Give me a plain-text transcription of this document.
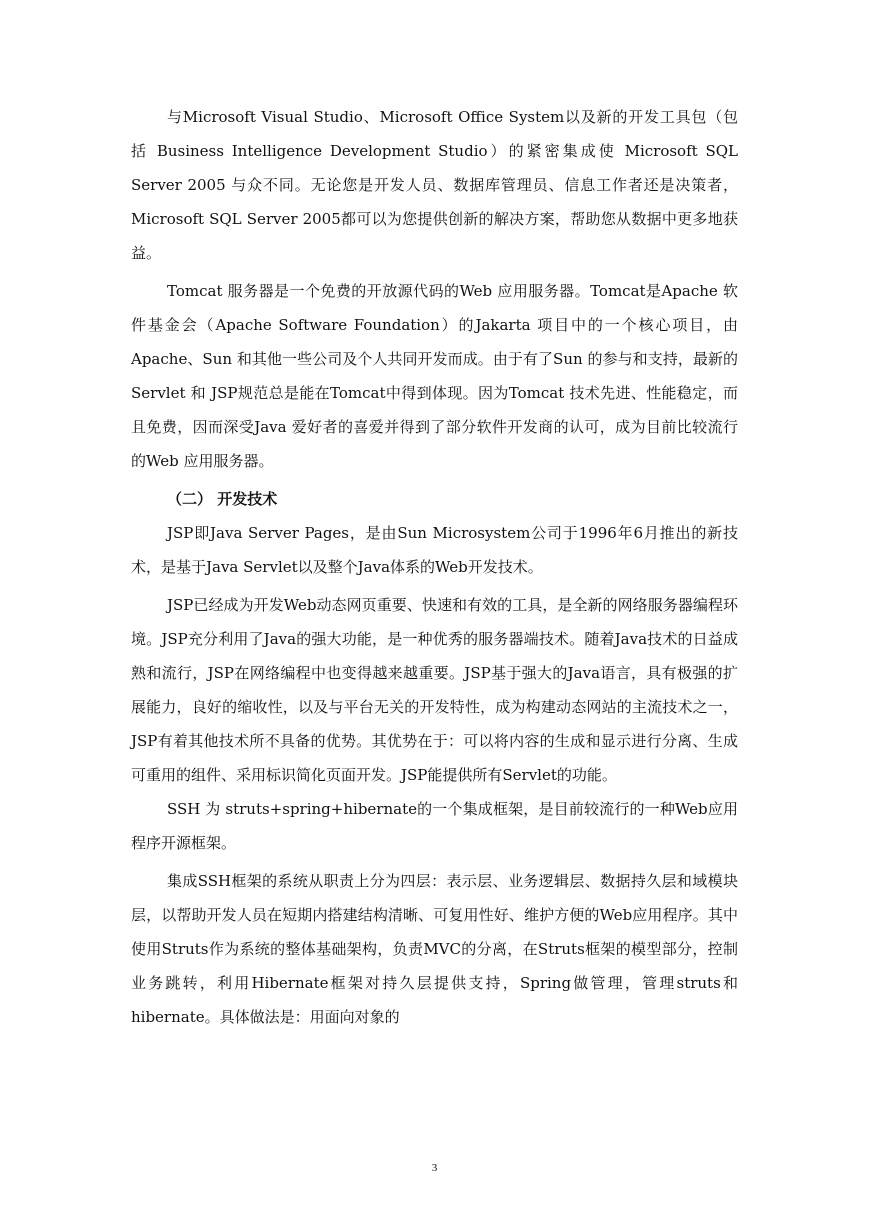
与Microsoft Visual Studio、Microsoft Office System以及新的开发工具包（包括 Business Intelligence Development Studio）的紧密集成使 Microsoft SQL Server 2005 与众不同。无论您是开发人员、数据库管理员、信息工作者还是决策者，Microsoft SQL Server 2005都可以为您提供创新的解决方案，帮助您从数据中更多地获益。

Tomcat 服务器是一个免费的开放源代码的Web 应用服务器。Tomcat是Apache 软件基金会（Apache Software Foundation）的Jakarta 项目中的一个核心项目，由Apache、Sun 和其他一些公司及个人共同开发而成。由于有了Sun 的参与和支持，最新的Servlet 和 JSP规范总是能在Tomcat中得到体现。因为Tomcat 技术先进、性能稳定，而且免费，因而深受Java 爱好者的喜爱并得到了部分软件开发商的认可，成为目前比较流行的Web 应用服务器。

（二） 开发技术

JSP即Java Server Pages，是由Sun Microsystem公司于1996年6月推出的新技术，是基于Java Servlet以及整个Java体系的Web开发技术。

JSP已经成为开发Web动态网页重要、快速和有效的工具，是全新的网络服务器编程环境。JSP充分利用了Java的强大功能，是一种优秀的服务器端技术。随着Java技术的日益成熟和流行，JSP在网络编程中也变得越来越重要。JSP基于强大的Java语言，具有极强的扩展能力，良好的缩收性，以及与平台无关的开发特性，成为构建动态网站的主流技术之一，JSP有着其他技术所不具备的优势。其优势在于：可以将内容的生成和显示进行分离、生成可重用的组件、采用标识简化页面开发。JSP能提供所有Servlet的功能。

SSH 为 struts+spring+hibernate的一个集成框架，是目前较流行的一种Web应用程序开源框架。

集成SSH框架的系统从职责上分为四层：表示层、业务逻辑层、数据持久层和域模块层，以帮助开发人员在短期内搭建结构清晰、可复用性好、维护方便的Web应用程序。其中使用Struts作为系统的整体基础架构，负责MVC的分离，在Struts框架的模型部分，控制业务跳转，利用Hibernate框架对持久层提供支持，Spring做管理，管理struts和hibernate。具体做法是：用面向对象的

3
